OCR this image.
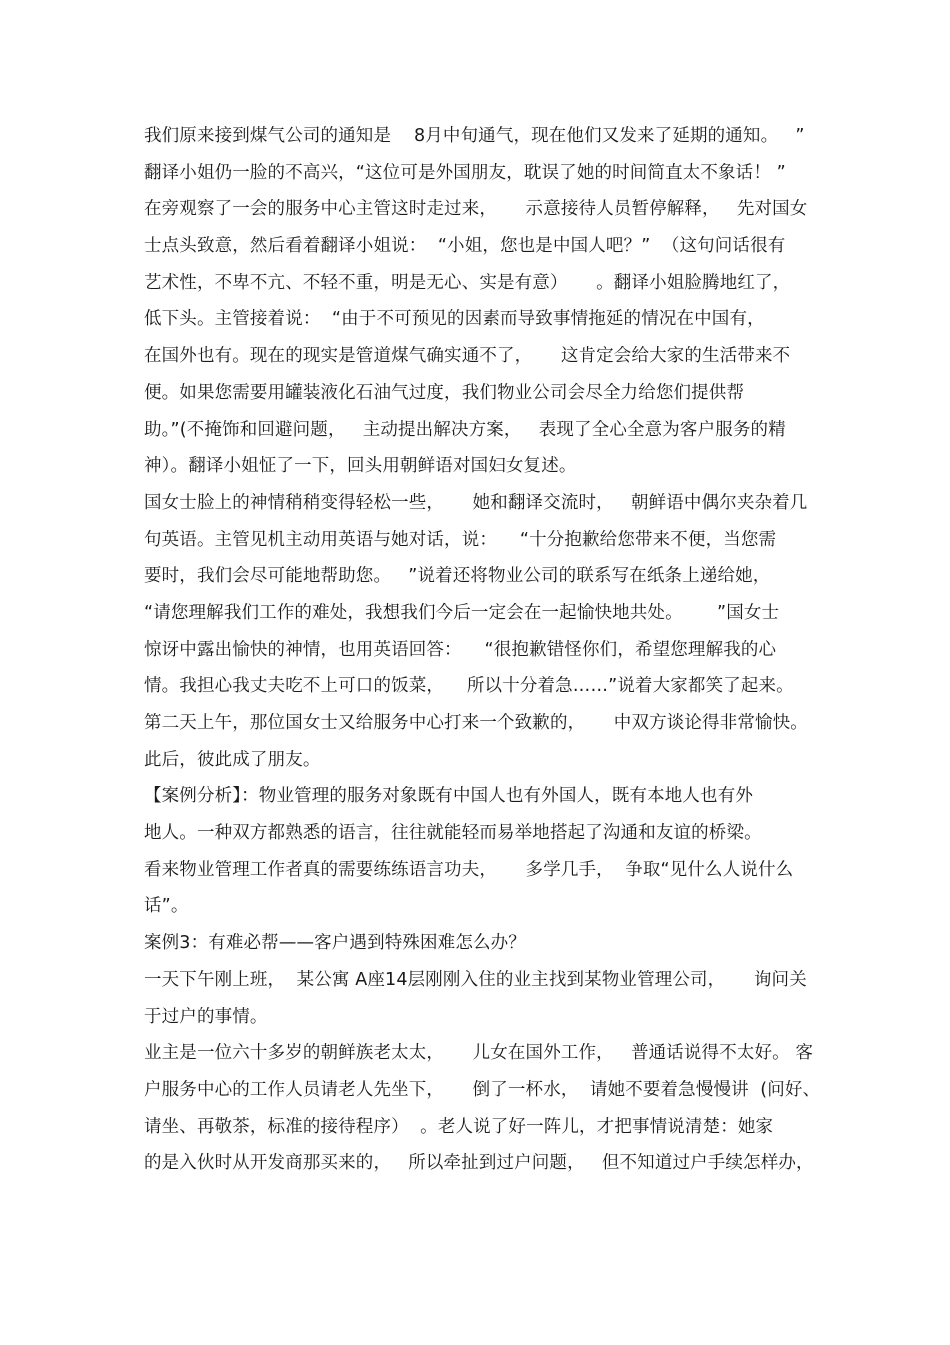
我们原来接到煤气公司的通知是    8月中旬通气，现在他们又发来了延期的通知。   ”
翻译小姐仍一脸的不高兴，“这位可是外国朋友，耽误了她的时间简直太不象话！ ”
在旁观察了一会的服务中心主管这时走过来，     示意接待人员暂停解释，   先对国女
士点头致意，然后看着翻译小姐说：  “小姐，您也是中国人吧？”  （这句问话很有
艺术性，不卑不亢、不轻不重，明是无心、实是有意）     。翻译小姐脸腾地红了，
低下头。主管接着说：  “由于不可预见的因素而导致事情拖延的情况在中国有，
在国外也有。现在的现实是管道煤气确实通不了，     这肯定会给大家的生活带来不
便。如果您需要用罐装液化石油气过度，我们物业公司会尽全力给您们提供帮
助。”(不掩饰和回避问题，   主动提出解决方案，   表现了全心全意为客户服务的精
神）。翻译小姐怔了一下，回头用朝鲜语对国妇女复述。
国女士脸上的神情稍稍变得轻松一些，     她和翻译交流时，   朝鲜语中偶尔夹杂着几
句英语。主管见机主动用英语与她对话，说：    “十分抱歉给您带来不便，当您需
要时，我们会尽可能地帮助您。   ”说着还将物业公司的联系写在纸条上递给她，
“请您理解我们工作的难处，我想我们今后一定会在一起愉快地共处。      ”国女士
惊讶中露出愉快的神情，也用英语回答：    “很抱歉错怪你们，希望您理解我的心
情。我担心我丈夫吃不上可口的饭菜，    所以十分着急……”说着大家都笑了起来。
第二天上午，那位国女士又给服务中心打来一个致歉的，     中双方谈论得非常愉快。
此后，彼此成了朋友。
【案例分析】：物业管理的服务对象既有中国人也有外国人，既有本地人也有外
地人。一种双方都熟悉的语言，往往就能轻而易举地搭起了沟通和友谊的桥梁。
看来物业管理工作者真的需要练练语言功夫，     多学几手，  争取“见什么人说什么
话”。
案例3：有难必帮——客户遇到特殊困难怎么办？
一天下午刚上班，  某公寓 A座14层刚刚入住的业主找到某物业管理公司，     询问关
于过户的事情。
业主是一位六十多岁的朝鲜族老太太，     儿女在国外工作，   普通话说得不太好。 客
户服务中心的工作人员请老人先坐下，     倒了一杯水，  请她不要着急慢慢讲  (问好、
请坐、再敬茶，标准的接待程序）  。老人说了好一阵儿，才把事情说清楚：她家
的是入伙时从开发商那买来的，   所以牵扯到过户问题，   但不知道过户手续怎样办，
